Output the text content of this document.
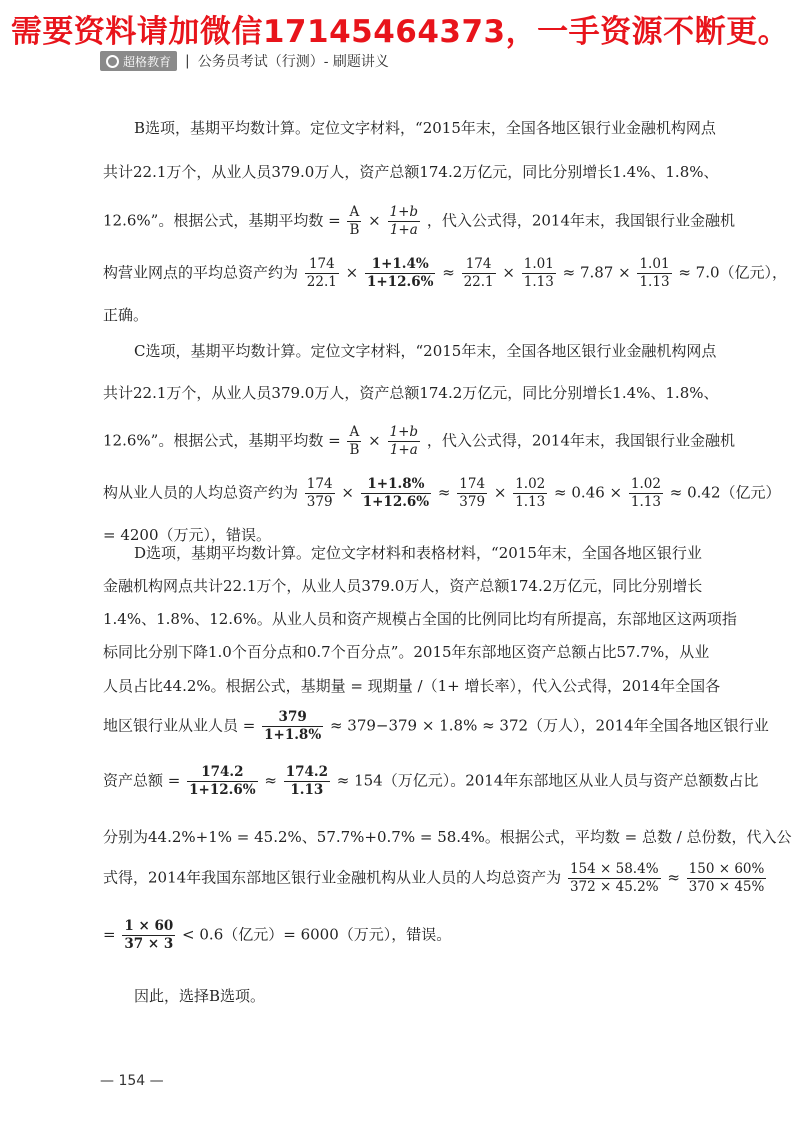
需要资料请加微信17145464373，一手资源不断更。
超格教育 | 公务员考试（行测）- 刷题讲义
B选项，基期平均数计算。定位文字材料，“2015年末，全国各地区银行业金融机构网点
共计22.1万个，从业人员379.0万人，资产总额174.2万亿元，同比分别增长1.4%、1.8%、
12.6%”。根据公式，基期平均数 = $\frac{A}{B} \times \frac{1+b}{1+a}$ ，代入公式得，2014年末，我国银行业金融机
构营业网点的平均总资产约为 $\frac{174}{22.1} \times \frac{1+1.4\%}{1+12.6\%} \approx \frac{174}{22.1} \times \frac{1.01}{1.13} \approx 7.87 \times \frac{1.01}{1.13} \approx 7.0$（亿元），
正确。
C选项，基期平均数计算。定位文字材料，“2015年末，全国各地区银行业金融机构网点
共计22.1万个，从业人员379.0万人，资产总额174.2万亿元，同比分别增长1.4%、1.8%、
12.6%”。根据公式，基期平均数 = $\frac{A}{B} \times \frac{1+b}{1+a}$ ，代入公式得，2014年末，我国银行业金融机
构从业人员的人均总资产约为 $\frac{174}{379} \times \frac{1+1.8\%}{1+12.6\%} \approx \frac{174}{379} \times \frac{1.02}{1.13} \approx 0.46 \times \frac{1.02}{1.13} \approx 0.42$（亿元）
= 4200（万元），错误。
D选项，基期平均数计算。定位文字材料和表格材料，“2015年末，全国各地区银行业
金融机构网点共计22.1万个，从业人员379.0万人，资产总额174.2万亿元，同比分别增长
1.4%、1.8%、12.6%。从业人员和资产规模占全国的比例同比均有所提高，东部地区这两项指
标同比分别下降1.0个百分点和0.7个百分点”。2015年东部地区资产总额占比57.7%，从业
人员占比44.2%。根据公式，基期量 = 现期量 /（1+ 增长率），代入公式得，2014年全国各
地区银行业从业人员 = $\frac{379}{1+1.8\%} \approx 379-379 \times 1.8\% \approx 372$（万人），2014年全国各地区银行业
资产总额 = $\frac{174.2}{1+12.6\%} \approx \frac{174.2}{1.13} \approx 154$（万亿元）。2014年东部地区从业人员与资产总额数占比
分别为44.2%+1% = 45.2%、57.7%+0.7% = 58.4%。根据公式，平均数 = 总数 / 总份数，代入公
式得，2014年我国东部地区银行业金融机构从业人员的人均总资产为 $\frac{154 \times 58.4\%}{372 \times 45.2\%} \approx \frac{150 \times 60\%}{370 \times 45\%}$
= $\frac{1 \times 60}{37 \times 3} < 0.6$（亿元）= 6000（万元），错误。
因此，选择B选项。
— 154 —
